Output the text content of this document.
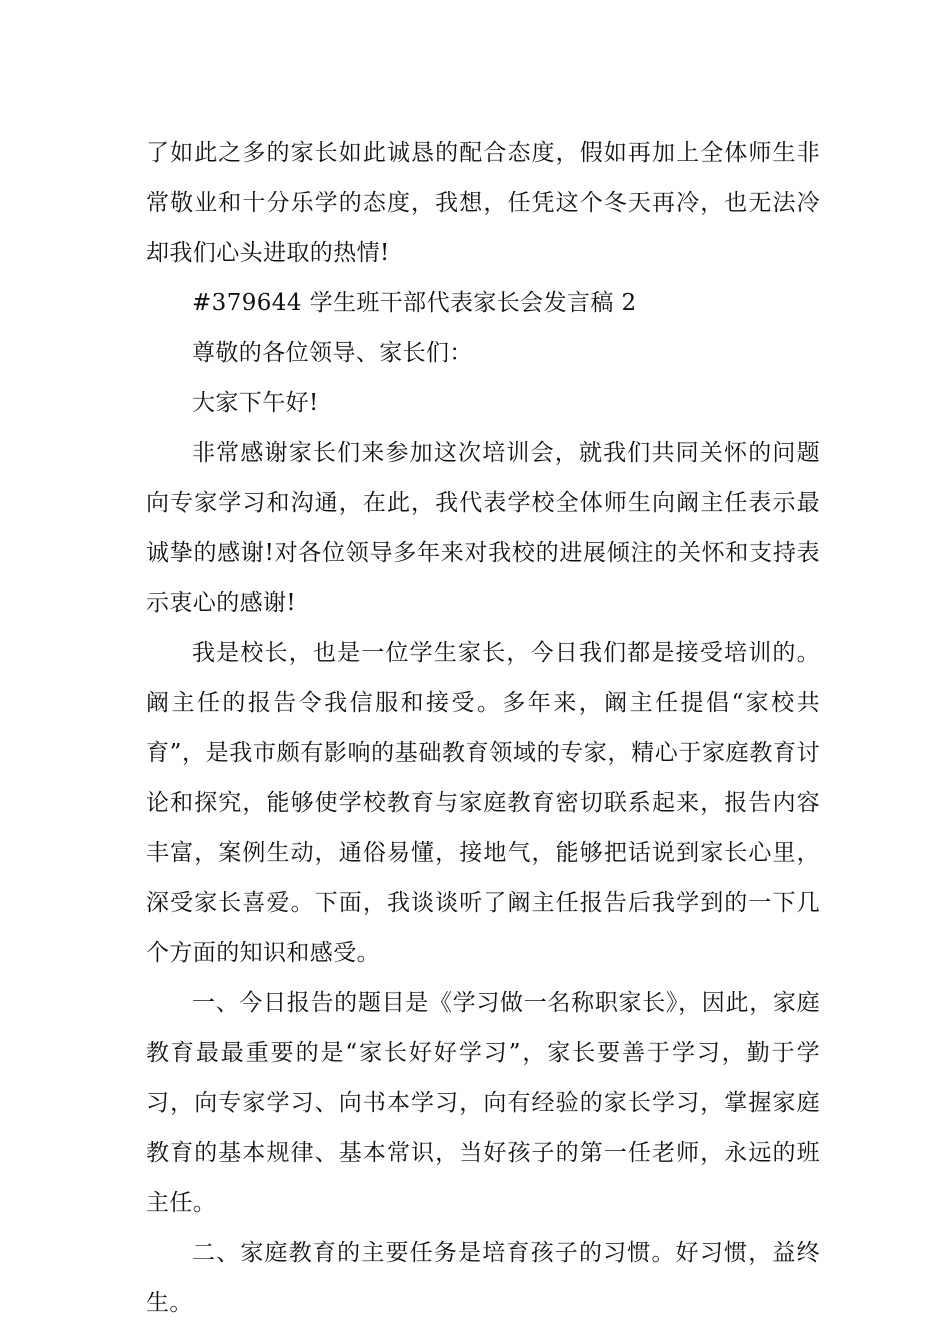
了如此之多的家长如此诚恳的配合态度，假如再加上全体师生非常敬业和十分乐学的态度，我想，任凭这个冬天再冷，也无法冷却我们心头进取的热情!

#379644 学生班干部代表家长会发言稿 2

尊敬的各位领导、家长们：

大家下午好!

非常感谢家长们来参加这次培训会，就我们共同关怀的问题向专家学习和沟通，在此，我代表学校全体师生向阚主任表示最诚挚的感谢!对各位领导多年来对我校的进展倾注的关怀和支持表示衷心的感谢!

我是校长，也是一位学生家长，今日我们都是接受培训的。阚主任的报告令我信服和接受。多年来，阚主任提倡“家校共育”，是我市颇有影响的基础教育领域的专家，精心于家庭教育讨论和探究，能够使学校教育与家庭教育密切联系起来，报告内容丰富，案例生动，通俗易懂，接地气，能够把话说到家长心里，深受家长喜爱。下面，我谈谈听了阚主任报告后我学到的一下几个方面的知识和感受。

一、今日报告的题目是《学习做一名称职家长》，因此，家庭教育最最重要的是“家长好好学习”，家长要善于学习，勤于学习，向专家学习、向书本学习，向有经验的家长学习，掌握家庭教育的基本规律、基本常识，当好孩子的第一任老师，永远的班主任。

二、家庭教育的主要任务是培育孩子的习惯。好习惯，益终生。
